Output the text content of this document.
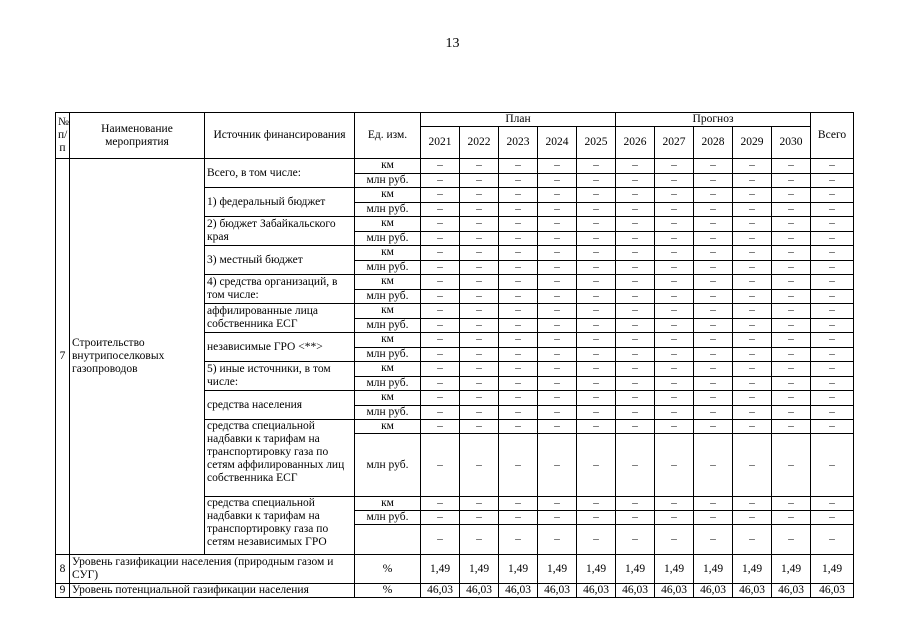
13
№ п/п	Наименование мероприятия	Источник финансирования	Ед. изм.	План					Прогноз					Всего
				2021	2022	2023	2024	2025	2026	2027	2028	2029	2030	
7	Строительство внутрипоселковых газопроводов	Всего, в том числе:	км	–	–	–	–	–	–	–	–	–	–	–
			млн руб.	–	–	–	–	–	–	–	–	–	–	–
		1) федеральный бюджет	км	–	–	–	–	–	–	–	–	–	–	–
			млн руб.	–	–	–	–	–	–	–	–	–	–	–
		2) бюджет Забайкальского края	км	–	–	–	–	–	–	–	–	–	–	–
			млн руб.	–	–	–	–	–	–	–	–	–	–	–
		3) местный бюджет	км	–	–	–	–	–	–	–	–	–	–	–
			млн руб.	–	–	–	–	–	–	–	–	–	–	–
		4) средства организаций, в том числе:	км	–	–	–	–	–	–	–	–	–	–	–
			млн руб.	–	–	–	–	–	–	–	–	–	–	–
		аффилированные лица собственника ЕСГ	км	–	–	–	–	–	–	–	–	–	–	–
			млн руб.	–	–	–	–	–	–	–	–	–	–	–
		независимые ГРО <**>	км	–	–	–	–	–	–	–	–	–	–	–
			млн руб.	–	–	–	–	–	–	–	–	–	–	–
		5) иные источники, в том числе:	км	–	–	–	–	–	–	–	–	–	–	–
			млн руб.	–	–	–	–	–	–	–	–	–	–	–
		средства населения	км	–	–	–	–	–	–	–	–	–	–	–
			млн руб.	–	–	–	–	–	–	–	–	–	–	–
		средства специальной надбавки к тарифам на транспортировку газа по сетям аффилированных лиц собственника ЕСГ	км	–	–	–	–	–	–	–	–	–	–	–
			млн руб.	–	–	–	–	–	–	–	–	–	–	–
		средства специальной надбавки к тарифам на транспортировку газа по сетям независимых ГРО	км	–	–	–	–	–	–	–	–	–	–	–
			млн руб.	–	–	–	–	–	–	–	–	–	–	–
				–	–	–	–	–	–	–	–	–	–	–
8	Уровень газификации населения (природным газом и СУГ)		%	1,49	1,49	1,49	1,49	1,49	1,49	1,49	1,49	1,49	1,49	1,49
9	Уровень потенциальной газификации населения		%	46,03	46,03	46,03	46,03	46,03	46,03	46,03	46,03	46,03	46,03	46,03
